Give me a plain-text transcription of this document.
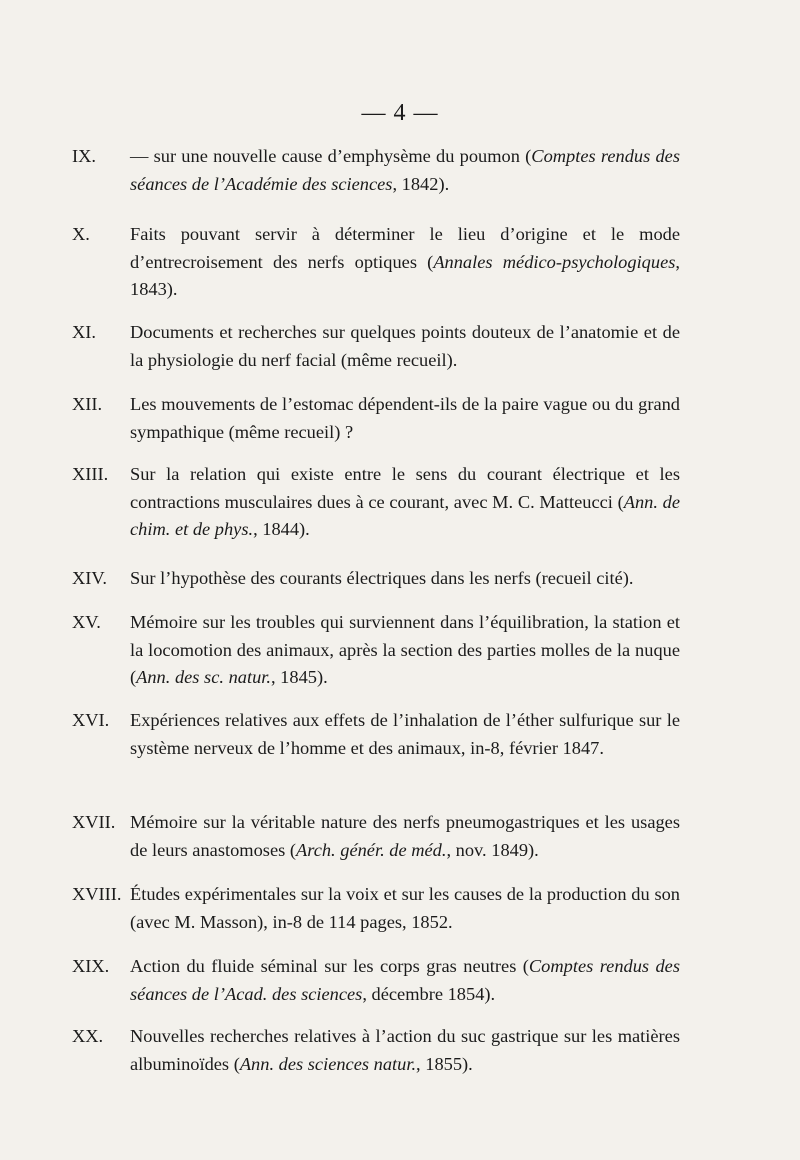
— 4 —
IX. — sur une nouvelle cause d’emphysème du poumon (Comptes rendus des séances de l’Académie des sciences, 1842).
X. Faits pouvant servir à déterminer le lieu d’origine et le mode d’entrecroisement des nerfs optiques (Annales médico-psychologiques, 1843).
XI. Documents et recherches sur quelques points douteux de l’anatomie et de la physiologie du nerf facial (même recueil).
XII. Les mouvements de l’estomac dépendent-ils de la paire vague ou du grand sympathique (même recueil) ?
XIII. Sur la relation qui existe entre le sens du courant électrique et les contractions musculaires dues à ce courant, avec M. C. Matteucci (Ann. de chim. et de phys., 1844).
XIV. Sur l’hypothèse des courants électriques dans les nerfs (recueil cité).
XV. Mémoire sur les troubles qui surviennent dans l’équilibration, la station et la locomotion des animaux, après la section des parties molles de la nuque (Ann. des sc. natur., 1845).
XVI. Expériences relatives aux effets de l’inhalation de l’éther sulfurique sur le système nerveux de l’homme et des animaux, in-8, février 1847.
XVII. Mémoire sur la véritable nature des nerfs pneumogastriques et les usages de leurs anastomoses (Arch. génér. de méd., nov. 1849).
XVIII. Études expérimentales sur la voix et sur les causes de la production du son (avec M. Masson), in-8 de 114 pages, 1852.
XIX. Action du fluide séminal sur les corps gras neutres (Comptes rendus des séances de l’Acad. des sciences, décembre 1854).
XX. Nouvelles recherches relatives à l’action du suc gastrique sur les matières albuminoïdes (Ann. des sciences natur., 1855).
